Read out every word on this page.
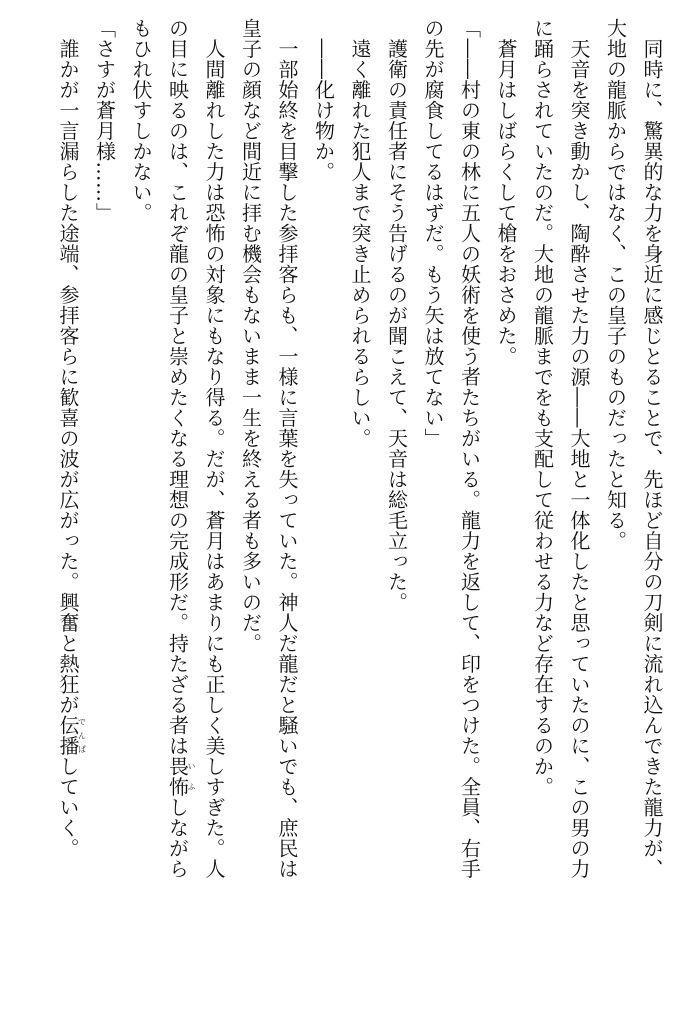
　同時に、驚異的な力を身近に感じとることで、先ほど自分の刀剣に流れ込んできた龍力が、

大地の龍脈からではなく、この皇子のものだったと知る。

　天音を突き動かし、陶酔させた力の源――大地と一体化したと思っていたのに、この男の力

に踊らされていたのだ。大地の龍脈までをも支配して従わせる力など存在するのか。

　蒼月はしばらくして槍をおさめた。

「――村の東の林に五人の妖術を使う者たちがいる。龍力を返して、印をつけた。全員、右手

の先が腐食してるはずだ。もう矢は放てない」

　護衛の責任者にそう告げるのが聞こえて、天音は総毛立った。

　遠く離れた犯人まで突き止められるらしい。

　――化け物か。

　一部始終を目撃した参拝客らも、一様に言葉を失っていた。神人だ龍だと騒いでも、庶民は

皇子の顔など間近に拝む機会もないまま一生を終える者も多いのだ。

　人間離れした力は恐怖の対象にもなり得る。だが、蒼月はあまりにも正しく美しすぎた。人

の目に映るのは、これぞ龍の皇子と崇めたくなる理想の完成形だ。持たざる者は畏怖いふしながら

もひれ伏すしかない。

「さすが蒼月様……」

　誰かが一言漏らした途端、参拝客らに歓喜の波が広がった。興奮と熱狂が伝播でんぱしていく。
